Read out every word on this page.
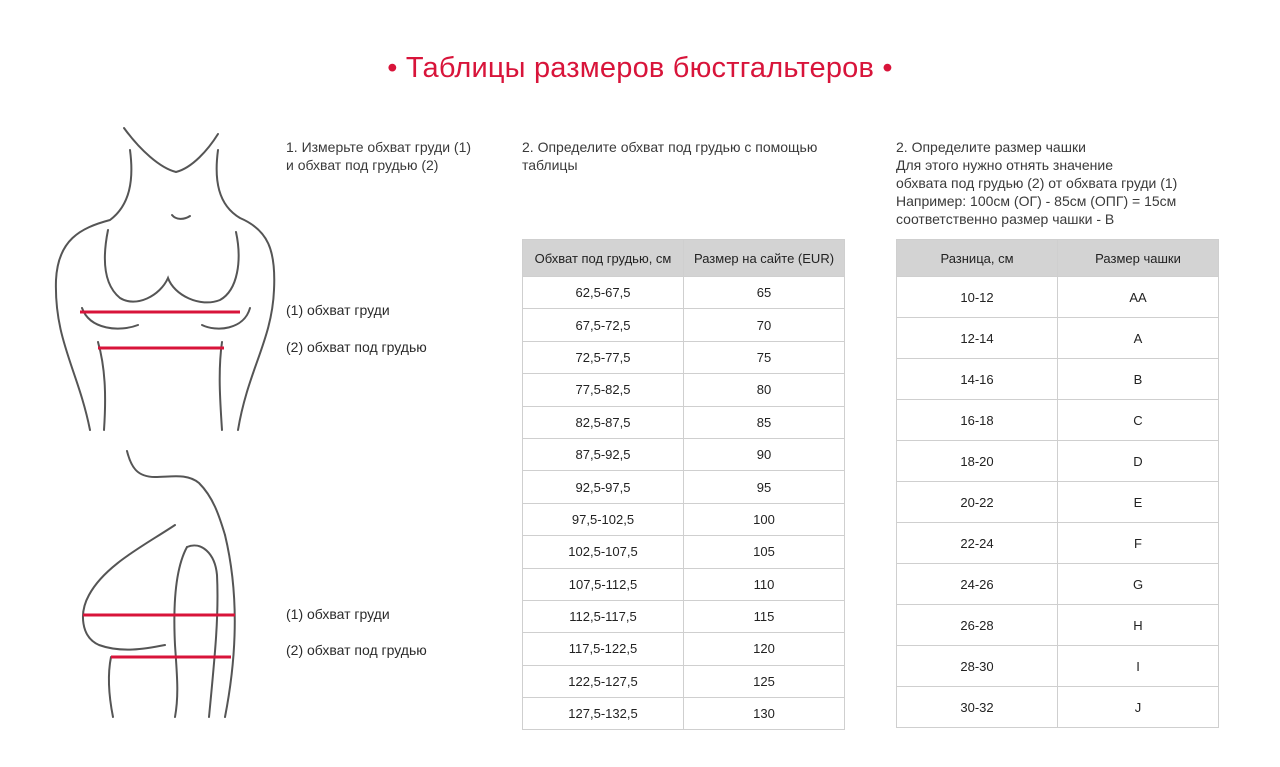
• Таблицы размеров бюстгальтеров •
(1) обхват груди
(2) обхват под грудью
(1) обхват груди
(2) обхват под грудью
1. Измерьте обхват груди (1)
и обхват под грудью (2)
2. Определите обхват под грудью с помощью
таблицы
2. Определите размер чашки
Для этого нужно отнять значение
обхвата под грудью (2) от обхвата груди (1)
Например: 100см (ОГ) - 85см (ОПГ) = 15см
соответственно размер чашки - B
Обхват под грудью, см	Размер на сайте (EUR)
62,5-67,5	65
67,5-72,5	70
72,5-77,5	75
77,5-82,5	80
82,5-87,5	85
87,5-92,5	90
92,5-97,5	95
97,5-102,5	100
102,5-107,5	105
107,5-112,5	110
112,5-117,5	115
117,5-122,5	120
122,5-127,5	125
127,5-132,5	130
Разница, см	Размер чашки
10-12	AA
12-14	A
14-16	B
16-18	C
18-20	D
20-22	E
22-24	F
24-26	G
26-28	H
28-30	I
30-32	J
